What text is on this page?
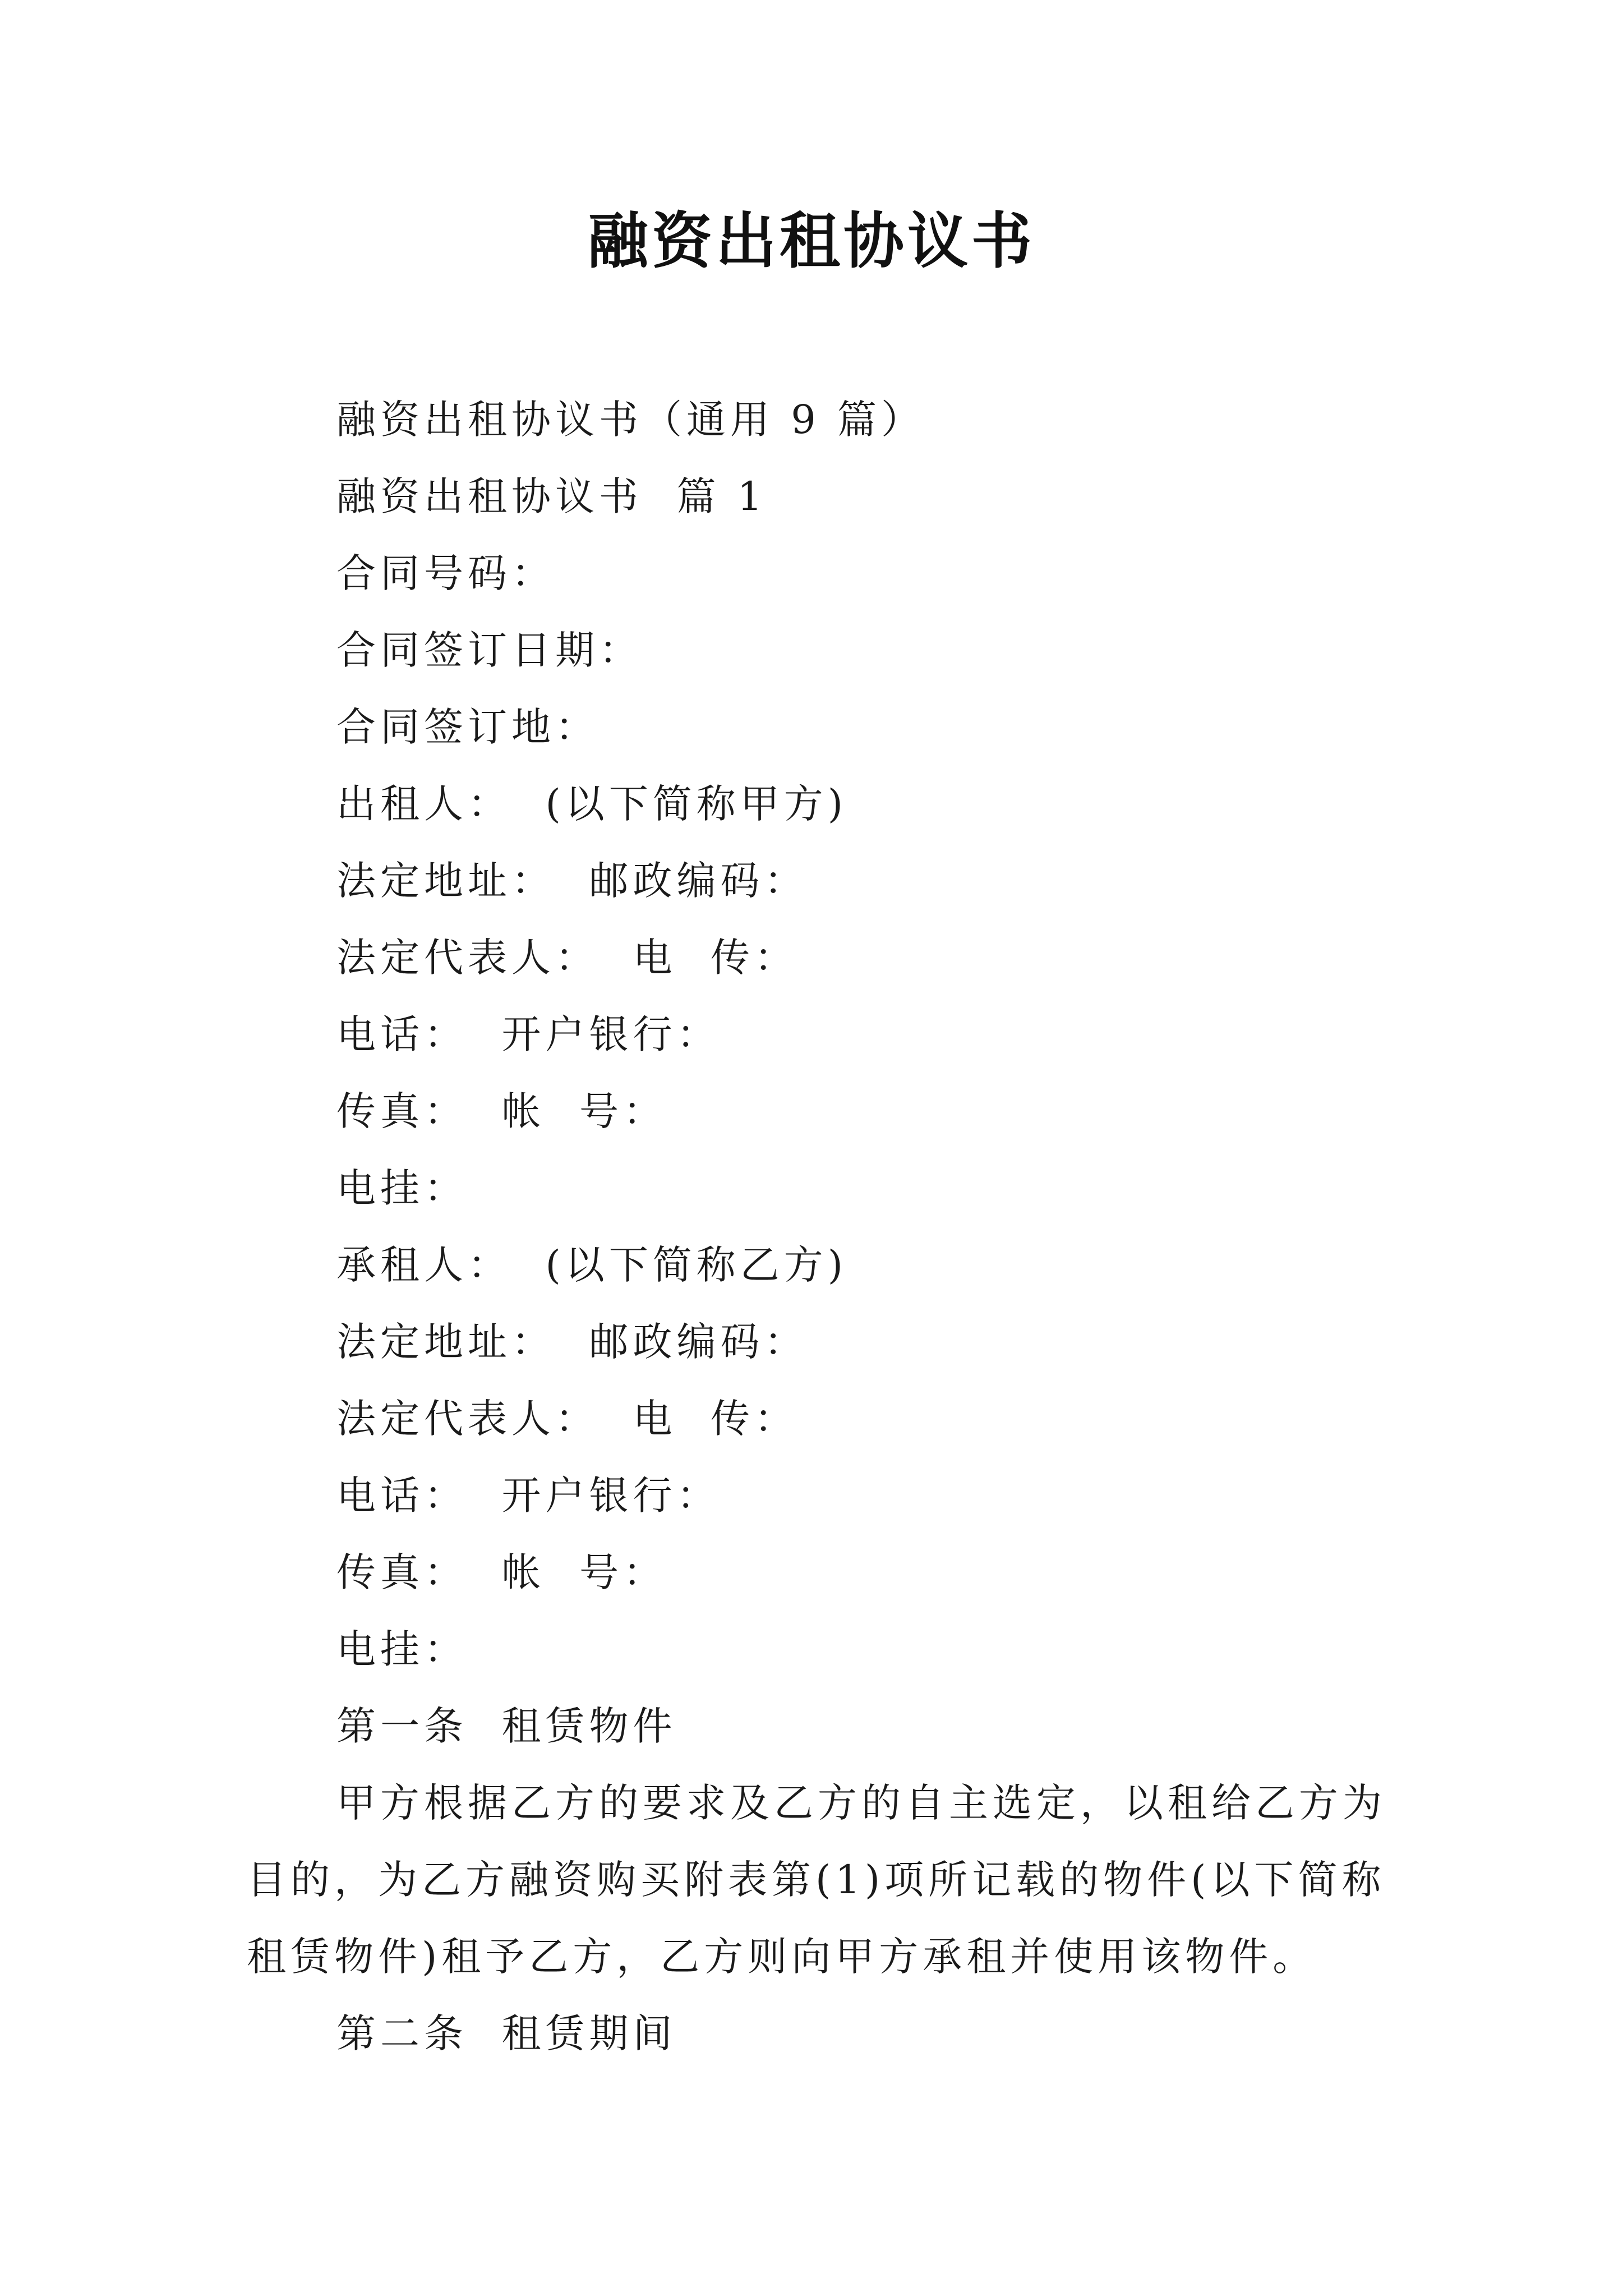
融资出租协议书
融资出租协议书（通用 9 篇）
融资出租协议书  篇 1
合同号码：
合同签订日期：
合同签订地：
出租人：  (以下简称甲方)
法定地址：  邮政编码：
法定代表人：  电  传：
电话：  开户银行：
传真：  帐  号：
电挂：
承租人：  (以下简称乙方)
法定地址：  邮政编码：
法定代表人：  电  传：
电话：  开户银行：
传真：  帐  号：
电挂：
第一条  租赁物件

甲方根据乙方的要求及乙方的自主选定，以租给乙方为目的，为乙方融资购买附表第(1)项所记载的物件(以下简称租赁物件)租予乙方，乙方则向甲方承租并使用该物件。

第二条  租赁期间
